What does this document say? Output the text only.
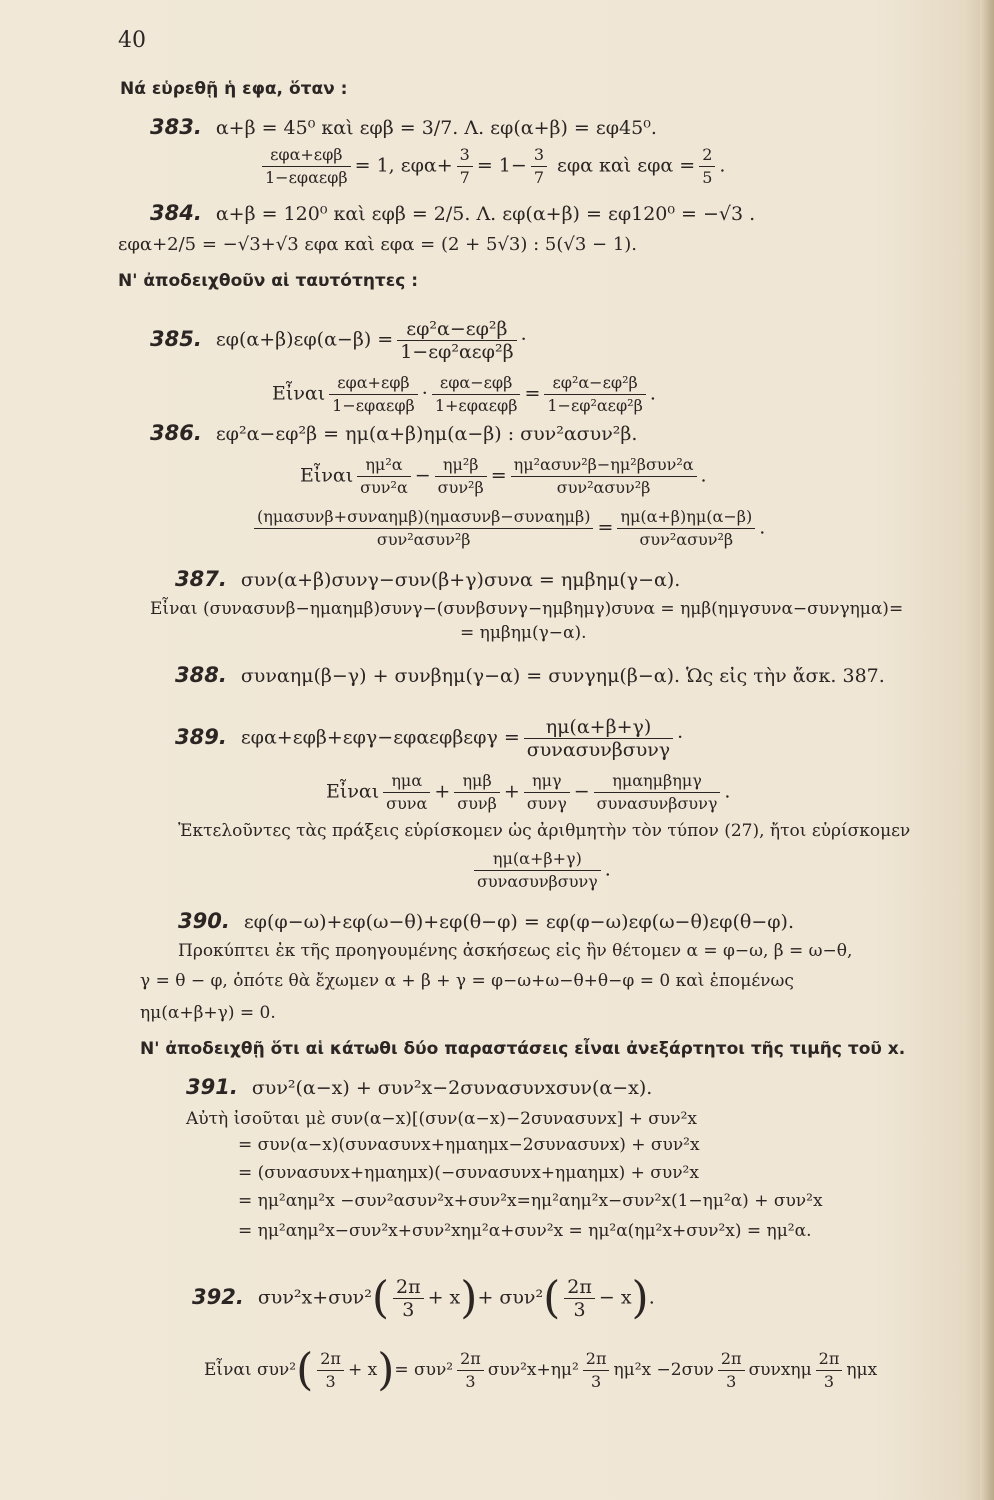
40
Νά εὑρεθῇ ἡ εφα, ὅταν :
383. α+β = 45⁰ καὶ εφβ = 3/7. Λ. εφ(α+β) = εφ45⁰.
εφα+εφβ
1−εφαεφβ
= 1, $\varepsilon\varphi\alpha+ \frac{3}{7} = 1- \frac{3}{7}$ εφα καὶ $\varepsilon\varphi\alpha = \frac{2}{5}$ .
384. α+β = 120⁰ καὶ εφβ = 2/5. Λ. εφ(α+β) = εφ120⁰ = −√3 .
εφα+2/5 = −√3+√3 εφα καὶ εφα = (2 + 5√3) : 5(√3 − 1).
Ν' ἀποδειχθοῦν αἱ ταυτότητες :
385. εφ(α+β)εφ(α−β) = εφ²α−εφ²β
1−εφ²αεφ²β
·
Εἶναι εφα+εφβ
1−εφαεφβ
· εφα−εφβ
1+εφαεφβ
= εφ²α−εφ²β
1−εφ²αεφ²β
.
386. εφ²α−εφ²β = ημ(α+β)ημ(α−β) : συν²ασυν²β.
Εἶναι ημ²α
συν²α
− ημ²β
συν²β
= ημ²ασυν²β−ημ²βσυν²α
συν²ασυν²β
.
(ημασυνβ+συναημβ)(ημασυνβ−συναημβ)
συν²ασυν²β
= ημ(α+β)ημ(α−β)
συν²ασυν²β
.
387. συν(α+β)συνγ−συν(β+γ)συνα = ημβημ(γ−α).
Εἶναι (συνασυνβ−ημαημβ)συνγ−(συνβσυνγ−ημβημγ)συνα = ημβ(ημγσυνα−συνγημα)=
= ημβημ(γ−α).
388. συναημ(β−γ) + συνβημ(γ−α) = συνγημ(β−α). Ὡς εἰς τὴν ἄσκ. 387.
389. εφα+εφβ+εφγ−εφαεφβεφγ =	ημ(α+β+γ)
συνασυνβσυνγ
·
Εἶναι ημα
συνα
+ ημβ
συνβ
+ ημγ
συνγ
−	ημαημβημγ
συνασυνβσυνγ
.
Ἐκτελοῦντες τὰς πράξεις εὑρίσκομεν ὡς ἀριθμητὴν τὸν τύπον (27), ἤτοι εὑρίσκομεν
ημ(α+β+γ)
συνασυνβσυνγ
.
390. εφ(φ−ω)+εφ(ω−θ)+εφ(θ−φ) = εφ(φ−ω)εφ(ω−θ)εφ(θ−φ).
Προκύπτει ἐκ τῆς προηγουμένης ἀσκήσεως εἰς ἣν θέτομεν α = φ−ω, β = ω−θ,
γ = θ − φ, ὁπότε θὰ ἔχωμεν α + β + γ = φ−ω+ω−θ+θ−φ = 0 καὶ ἑπομένως
ημ(α+β+γ) = 0.
Ν' ἀποδειχθῇ ὅτι αἱ κάτωθι δύο παραστάσεις εἶναι ἀνεξάρτητοι τῆς τιμῆς τοῦ x.
391. συν²(α−x) + συν²x−2συνασυνxσυν(α−x).
Αὐτὴ ἰσοῦται μὲ συν(α−x)[(συν(α−x)−2συνασυνx] + συν²x
= συν(α−x)(συνασυνx+ημαημx−2συνασυνx) + συν²x
= (συνασυνx+ημαημx)(−συνασυνx+ημαημx) + συν²x
= ημ²αημ²x −συν²ασυν²x+συν²x=ημ²αημ²x−συν²x(1−ημ²α) + συν²x
= ημ²αημ²x−συν²x+συν²xημ²α+συν²x = ημ²α(ημ²x+συν²x) = ημ²α.
392. $\sigma\upsilon\nu^2x+\sigma\upsilon\nu^2( \frac{2\pi}{3} + x)+ \sigma\upsilon\nu^2( \frac{2\pi}{3} - x)$.
Εἶναι $\sigma\upsilon\nu^2( \frac{2\pi}{3} + x)= \sigma\upsilon\nu^2 \frac{2\pi}{3} \sigma\upsilon\nu^2x+\eta\mu^2 \frac{2\pi}{3} \eta\mu^2x -2\sigma\upsilon\nu \frac{2\pi}{3}$ συνxημ $\frac{2\pi}{3}$ ημx
